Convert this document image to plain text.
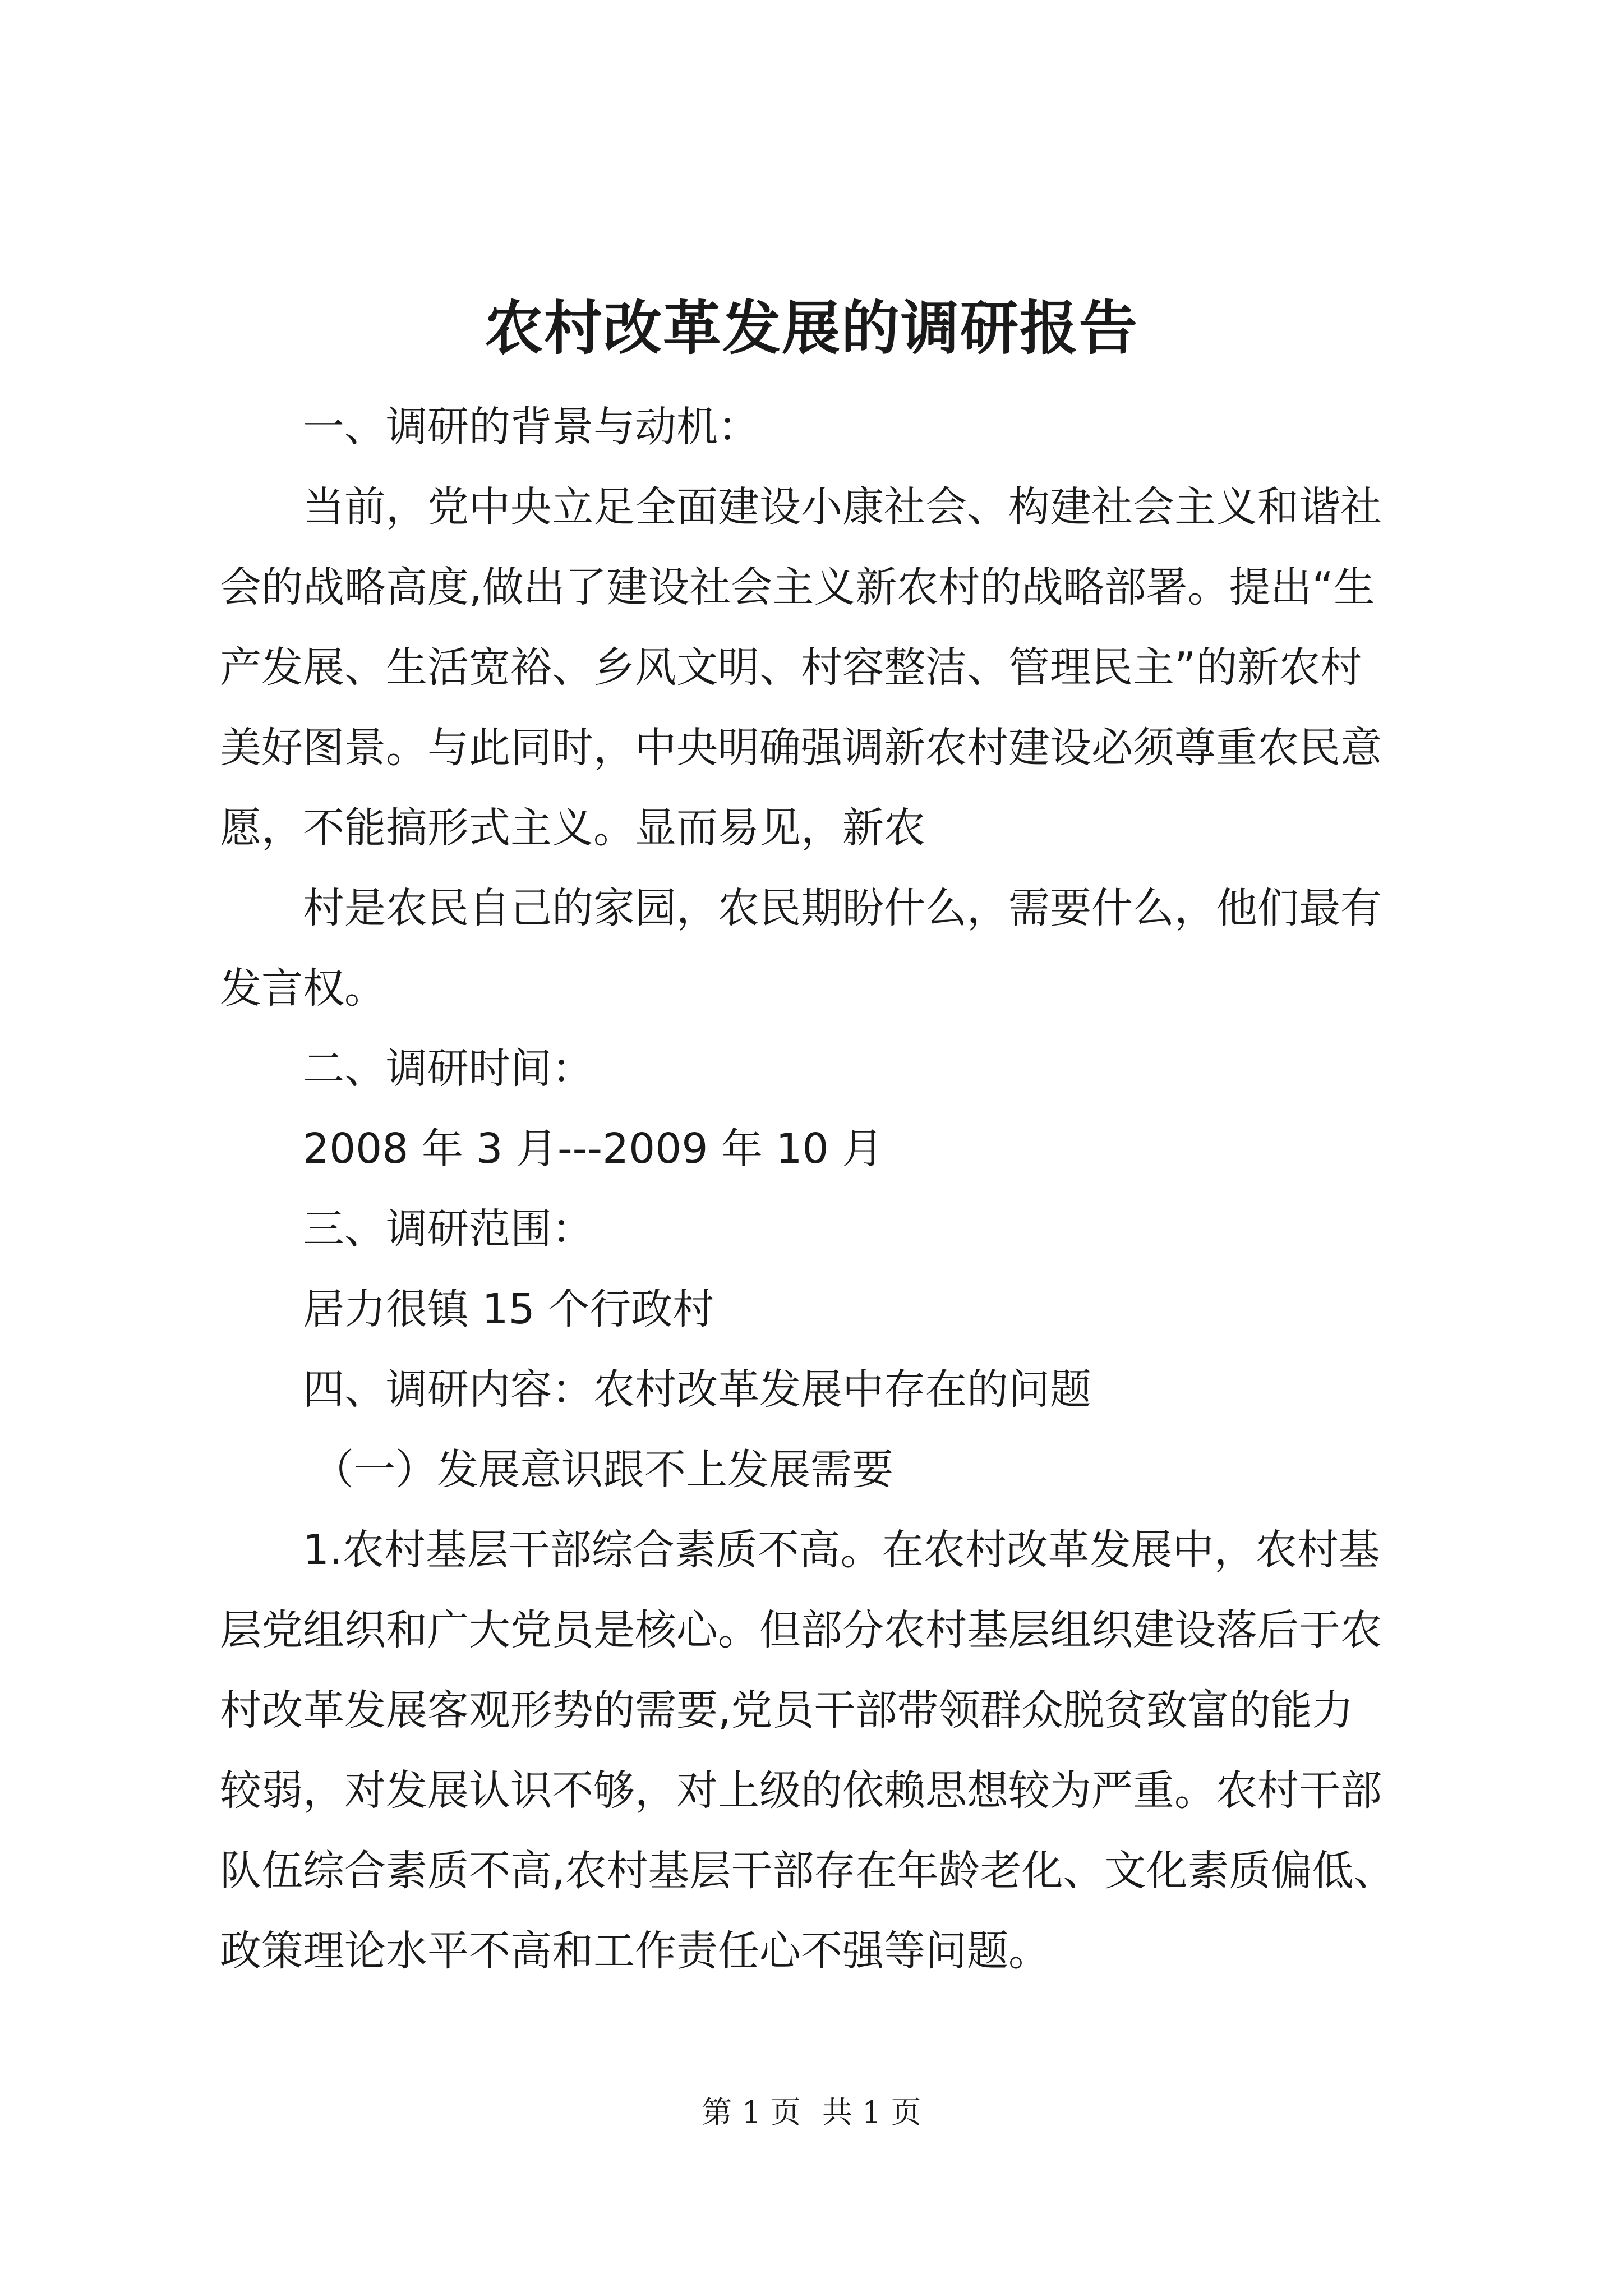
农村改革发展的调研报告

一、调研的背景与动机：

当前，党中央立足全面建设小康社会、构建社会主义和谐社

会的战略高度,做出了建设社会主义新农村的战略部署。提出“生

产发展、生活宽裕、乡风文明、村容整洁、管理民主”的新农村

美好图景。与此同时，中央明确强调新农村建设必须尊重农民意

愿，不能搞形式主义。显而易见，新农

村是农民自己的家园，农民期盼什么，需要什么，他们最有

发言权。

二、调研时间：

2008 年 3 月---2009 年 10 月

三、调研范围：

居力很镇 15 个行政村

四、调研内容：农村改革发展中存在的问题

（一）发展意识跟不上发展需要

1.农村基层干部综合素质不高。在农村改革发展中，农村基

层党组织和广大党员是核心。但部分农村基层组织建设落后于农

村改革发展客观形势的需要,党员干部带领群众脱贫致富的能力

较弱，对发展认识不够，对上级的依赖思想较为严重。农村干部

队伍综合素质不高,农村基层干部存在年龄老化、文化素质偏低、

政策理论水平不高和工作责任心不强等问题。

第 1 页 共 1 页
